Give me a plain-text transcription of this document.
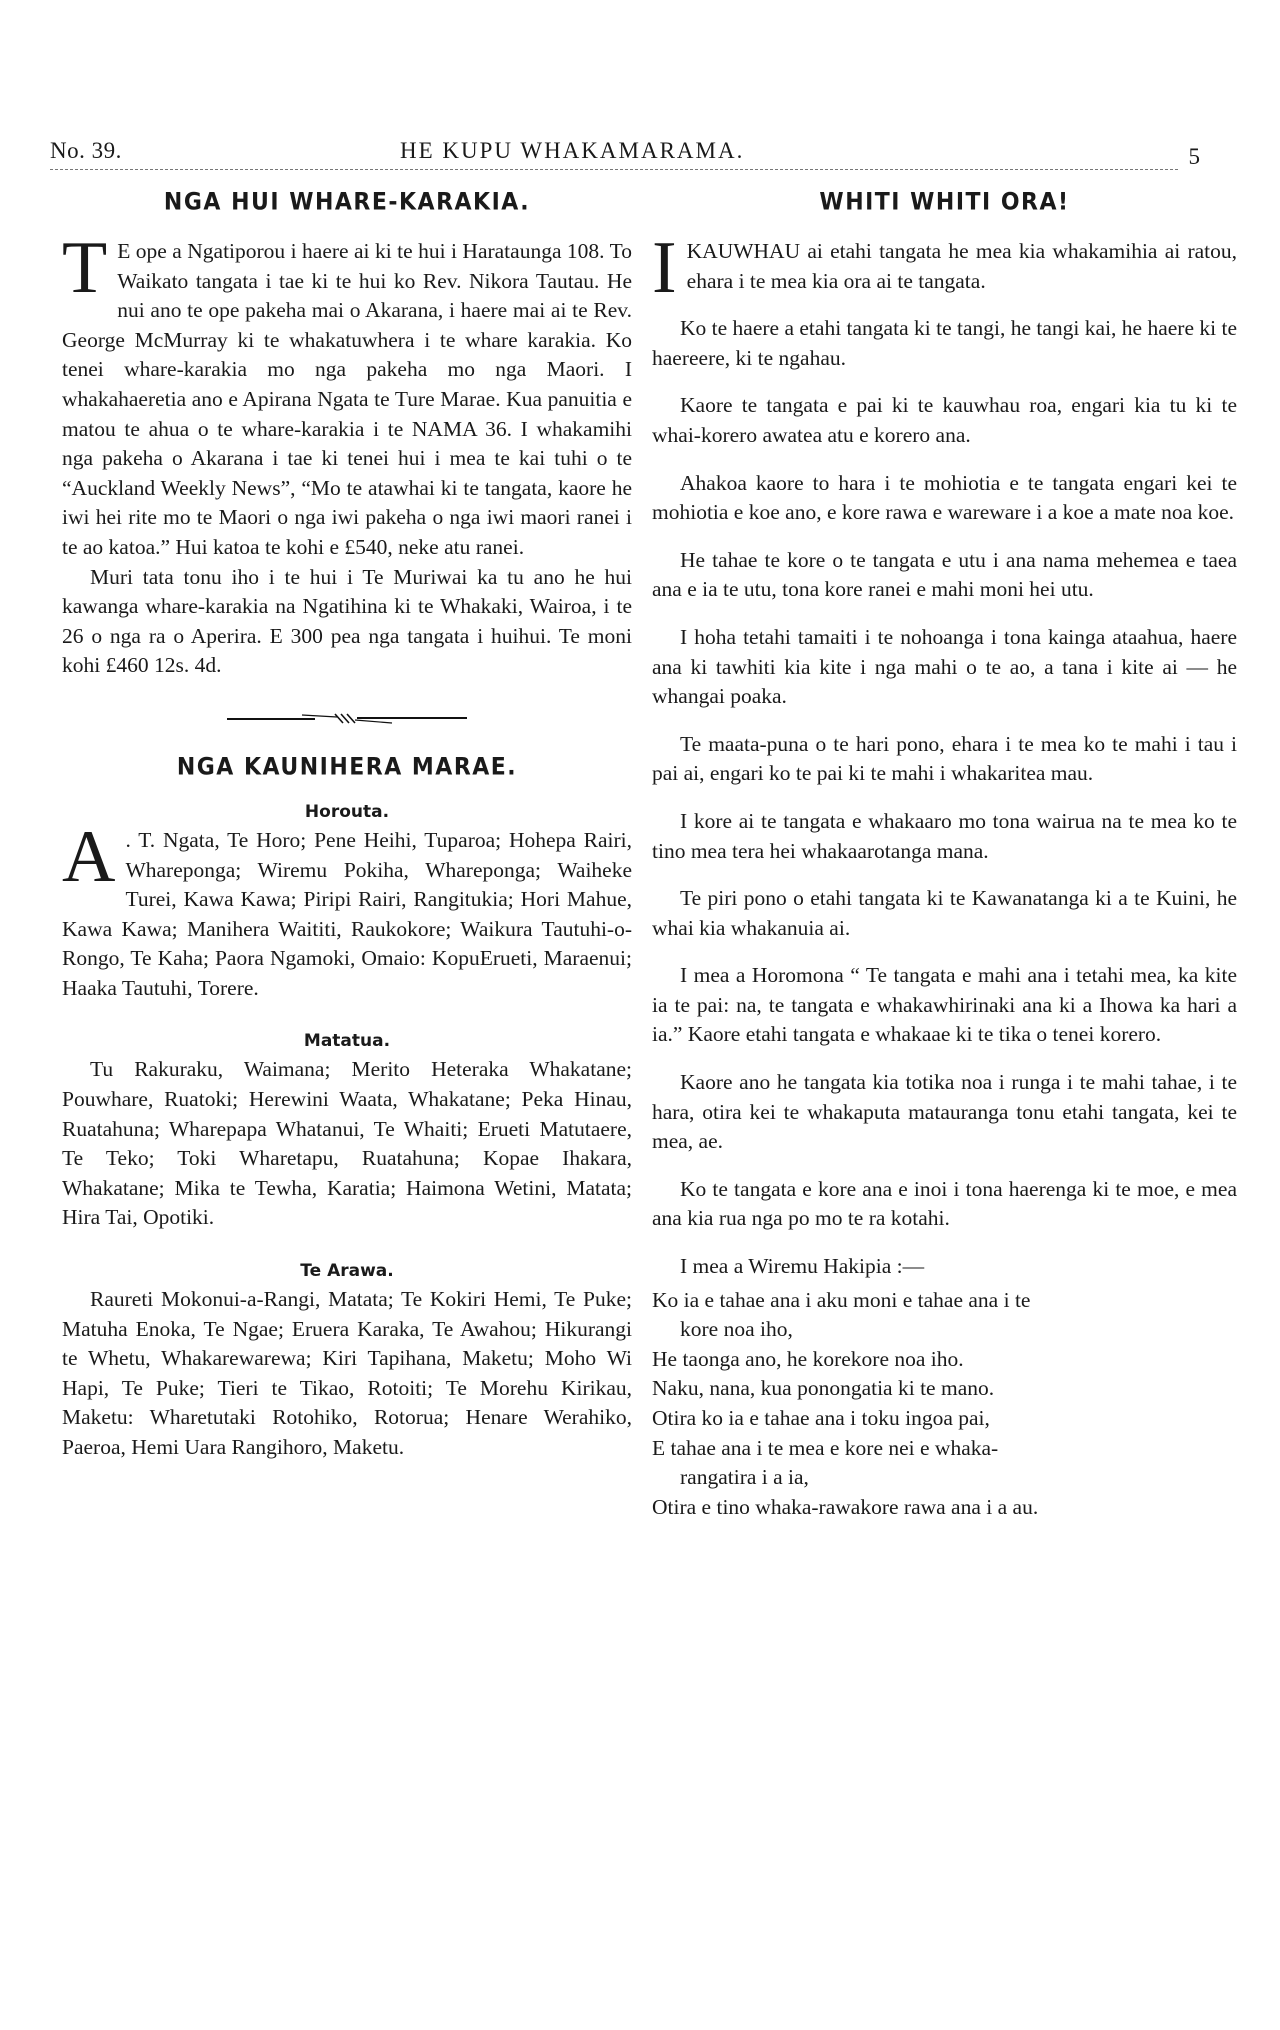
No. 39.	HE KUPU WHAKAMARAMA.	5
NGA HUI WHARE-KARAKIA.

T E ope a Ngatiporou i haere ai ki te hui i Harataunga 108. To Waikato tangata i tae ki te hui ko Rev. Nikora Tautau. He nui ano te ope pakeha mai o Akarana, i haere mai ai te Rev. George McMurray ki te whakatuwhera i te whare karakia. Ko tenei whare-karakia mo nga pakeha mo nga Maori. I whakahaeretia ano e Apirana Ngata te Ture Marae. Kua panuitia e matou te ahua o te whare-karakia i te NAMA 36. I whakamihi nga pakeha o Akarana i tae ki tenei hui i mea te kai tuhi o te “Auckland Weekly News”, “Mo te atawhai ki te tangata, kaore he iwi hei rite mo te Maori o nga iwi pakeha o nga iwi maori ranei i te ao katoa.” Hui katoa te kohi e £540, neke atu ranei.

Muri tata tonu iho i te hui i Te Muriwai ka tu ano he hui kawanga whare-karakia na Ngatihina ki te Whakaki, Wairoa, i te 26 o nga ra o Aperira. E 300 pea nga tangata i huihui. Te moni kohi £460 12s. 4d.

NGA KAUNIHERA MARAE.
Horouta.

A . T. Ngata, Te Horo; Pene Heihi, Tuparoa; Hohepa Rairi, Whareponga; Wiremu Pokiha, Whareponga; Waiheke Turei, Kawa Kawa; Piripi Rairi, Rangitukia; Hori Mahue, Kawa Kawa; Manihera Waititi, Raukokore; Waikura Tautuhi-o-Rongo, Te Kaha; Paora Ngamoki, Omaio: KopuErueti, Maraenui; Haaka Tautuhi, Torere.

Matatua.

Tu Rakuraku, Waimana; Merito Heteraka Whakatane; Pouwhare, Ruatoki; Herewini Waata, Whakatane; Peka Hinau, Ruatahuna; Wharepapa Whatanui, Te Whaiti; Erueti Matutaere, Te Teko; Toki Wharetapu, Ruatahuna; Kopae Ihakara, Whakatane; Mika te Tewha, Karatia; Haimona Wetini, Matata; Hira Tai, Opotiki.

Te Arawa.

Raureti Mokonui-a-Rangi, Matata; Te Kokiri Hemi, Te Puke; Matuha Enoka, Te Ngae; Eruera Karaka, Te Awahou; Hikurangi te Whetu, Whakarewarewa; Kiri Tapihana, Maketu; Moho Wi Hapi, Te Puke; Tieri te Tikao, Rotoiti; Te Morehu Kirikau, Maketu: Wharetutaki Rotohiko, Rotorua; Henare Werahiko, Paeroa, Hemi Uara Rangihoro, Maketu.

WHITI WHITI ORA!

I KAUWHAU ai etahi tangata he mea kia whakamihia ai ratou, ehara i te mea kia ora ai te tangata.

Ko te haere a etahi tangata ki te tangi, he tangi kai, he haere ki te haereere, ki te ngahau.

Kaore te tangata e pai ki te kauwhau roa, engari kia tu ki te whai-korero awatea atu e korero ana.

Ahakoa kaore to hara i te mohiotia e te tangata engari kei te mohiotia e koe ano, e kore rawa e wareware i a koe a mate noa koe.

He tahae te kore o te tangata e utu i ana nama mehemea e taea ana e ia te utu, tona kore ranei e mahi moni hei utu.

I hoha tetahi tamaiti i te nohoanga i tona kainga ataahua, haere ana ki tawhiti kia kite i nga mahi o te ao, a tana i kite ai — he whangai poaka.

Te maata-puna o te hari pono, ehara i te mea ko te mahi i tau i pai ai, engari ko te pai ki te mahi i whakaritea mau.

I kore ai te tangata e whakaaro mo tona wairua na te mea ko te tino mea tera hei whakaarotanga mana.

Te piri pono o etahi tangata ki te Kawanatanga ki a te Kuini, he whai kia whakanuia ai.

I mea a Horomona “ Te tangata e mahi ana i tetahi mea, ka kite ia te pai: na, te tangata e whakawhirinaki ana ki a Ihowa ka hari a ia.” Kaore etahi tangata e whakaae ki te tika o tenei korero.

Kaore ano he tangata kia totika noa i runga i te mahi tahae, i te hara, otira kei te whakaputa matauranga tonu etahi tangata, kei te mea, ae.

Ko te tangata e kore ana e inoi i tona haerenga ki te moe, e mea ana kia rua nga po mo te ra kotahi.

I mea a Wiremu Hakipia :—

Ko ia e tahae ana i aku moni e tahae ana i te

kore noa iho,

He taonga ano, he korekore noa iho.

Naku, nana, kua ponongatia ki te mano.

Otira ko ia e tahae ana i toku ingoa pai,

E tahae ana i te mea e kore nei e whaka-

rangatira i a ia,

Otira e tino whaka-rawakore rawa ana i a au.
